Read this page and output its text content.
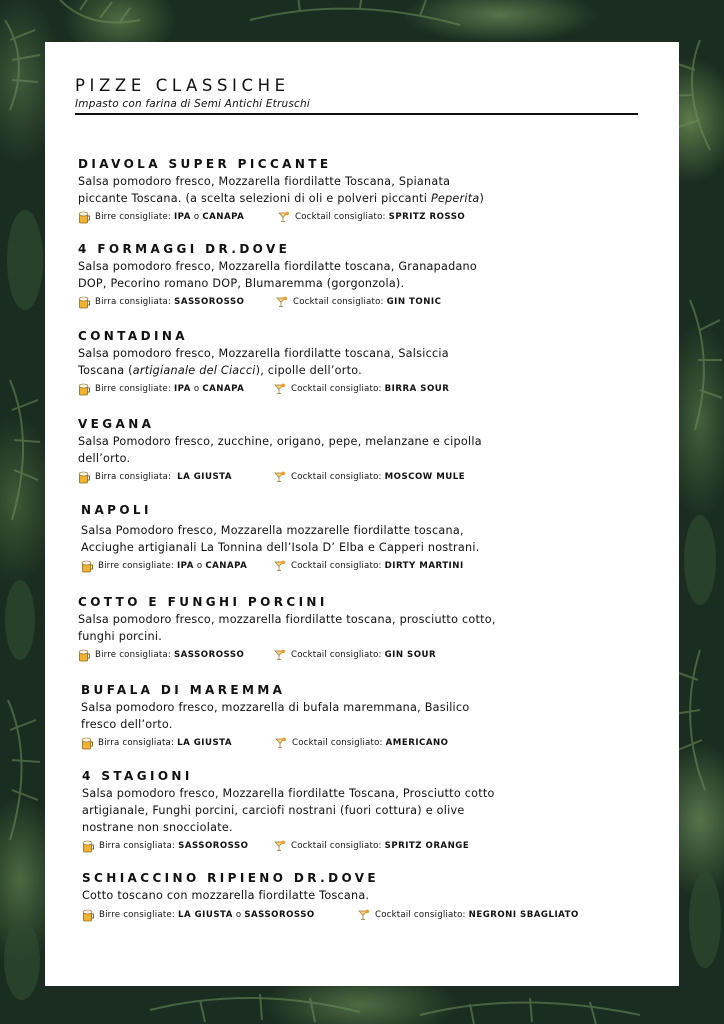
PIZZE CLASSICHE
Impasto con farina di Semi Antichi Etruschi
DIAVOLA SUPER PICCANTE
Salsa pomodoro fresco, Mozzarella fiordilatte Toscana, Spianata
piccante Toscana. (a scelta selezioni di oli e polveri piccanti Peperita)
Birre consigliate: IPA o CANAPA	Cocktail consigliato: SPRITZ ROSSO
4 FORMAGGI DR.DOVE
Salsa pomodoro fresco, Mozzarella fiordilatte toscana, Granapadano
DOP, Pecorino romano DOP, Blumaremma (gorgonzola).
Birra consigliata: SASSOROSSO	Cocktail consigliato: GIN TONIC
CONTADINA
Salsa pomodoro fresco, Mozzarella fiordilatte toscana, Salsiccia
Toscana (artigianale del Ciacci), cipolle dell’orto.
Birre consigliate: IPA o CANAPA	Cocktail consigliato: BIRRA SOUR
VEGANA
Salsa Pomodoro fresco, zucchine, origano, pepe, melanzane e cipolla
dell’orto.
Birra consigliata: LA GIUSTA	Cocktail consigliato: MOSCOW MULE
NAPOLI
Salsa Pomodoro fresco, Mozzarella mozzarelle fiordilatte toscana,
Acciughe artigianali La Tonnina dell’Isola D’ Elba e Capperi nostrani.
Birre consigliate: IPA o CANAPA	Cocktail consigliato: DIRTY MARTINI
COTTO E FUNGHI PORCINI
Salsa pomodoro fresco, mozzarella fiordilatte toscana, prosciutto cotto,
funghi porcini.
Birre consigliata: SASSOROSSO	Cocktail consigliato: GIN SOUR
BUFALA DI MAREMMA
Salsa pomodoro fresco, mozzarella di bufala maremmana, Basilico
fresco dell’orto.
Birra consigliata: LA GIUSTA	Cocktail consigliato: AMERICANO
4 STAGIONI
Salsa pomodoro fresco, Mozzarella fiordilatte Toscana, Prosciutto cotto
artigianale, Funghi porcini, carciofi nostrani (fuori cottura) e olive
nostrane non snocciolate.
Birra consigliata: SASSOROSSO	Cocktail consigliato: SPRITZ ORANGE
SCHIACCINO RIPIENO DR.DOVE
Cotto toscano con mozzarella fiordilatte Toscana.
Birre consigliate: LA GIUSTA o SASSOROSSO	Cocktail consigliato: NEGRONI SBAGLIATO
